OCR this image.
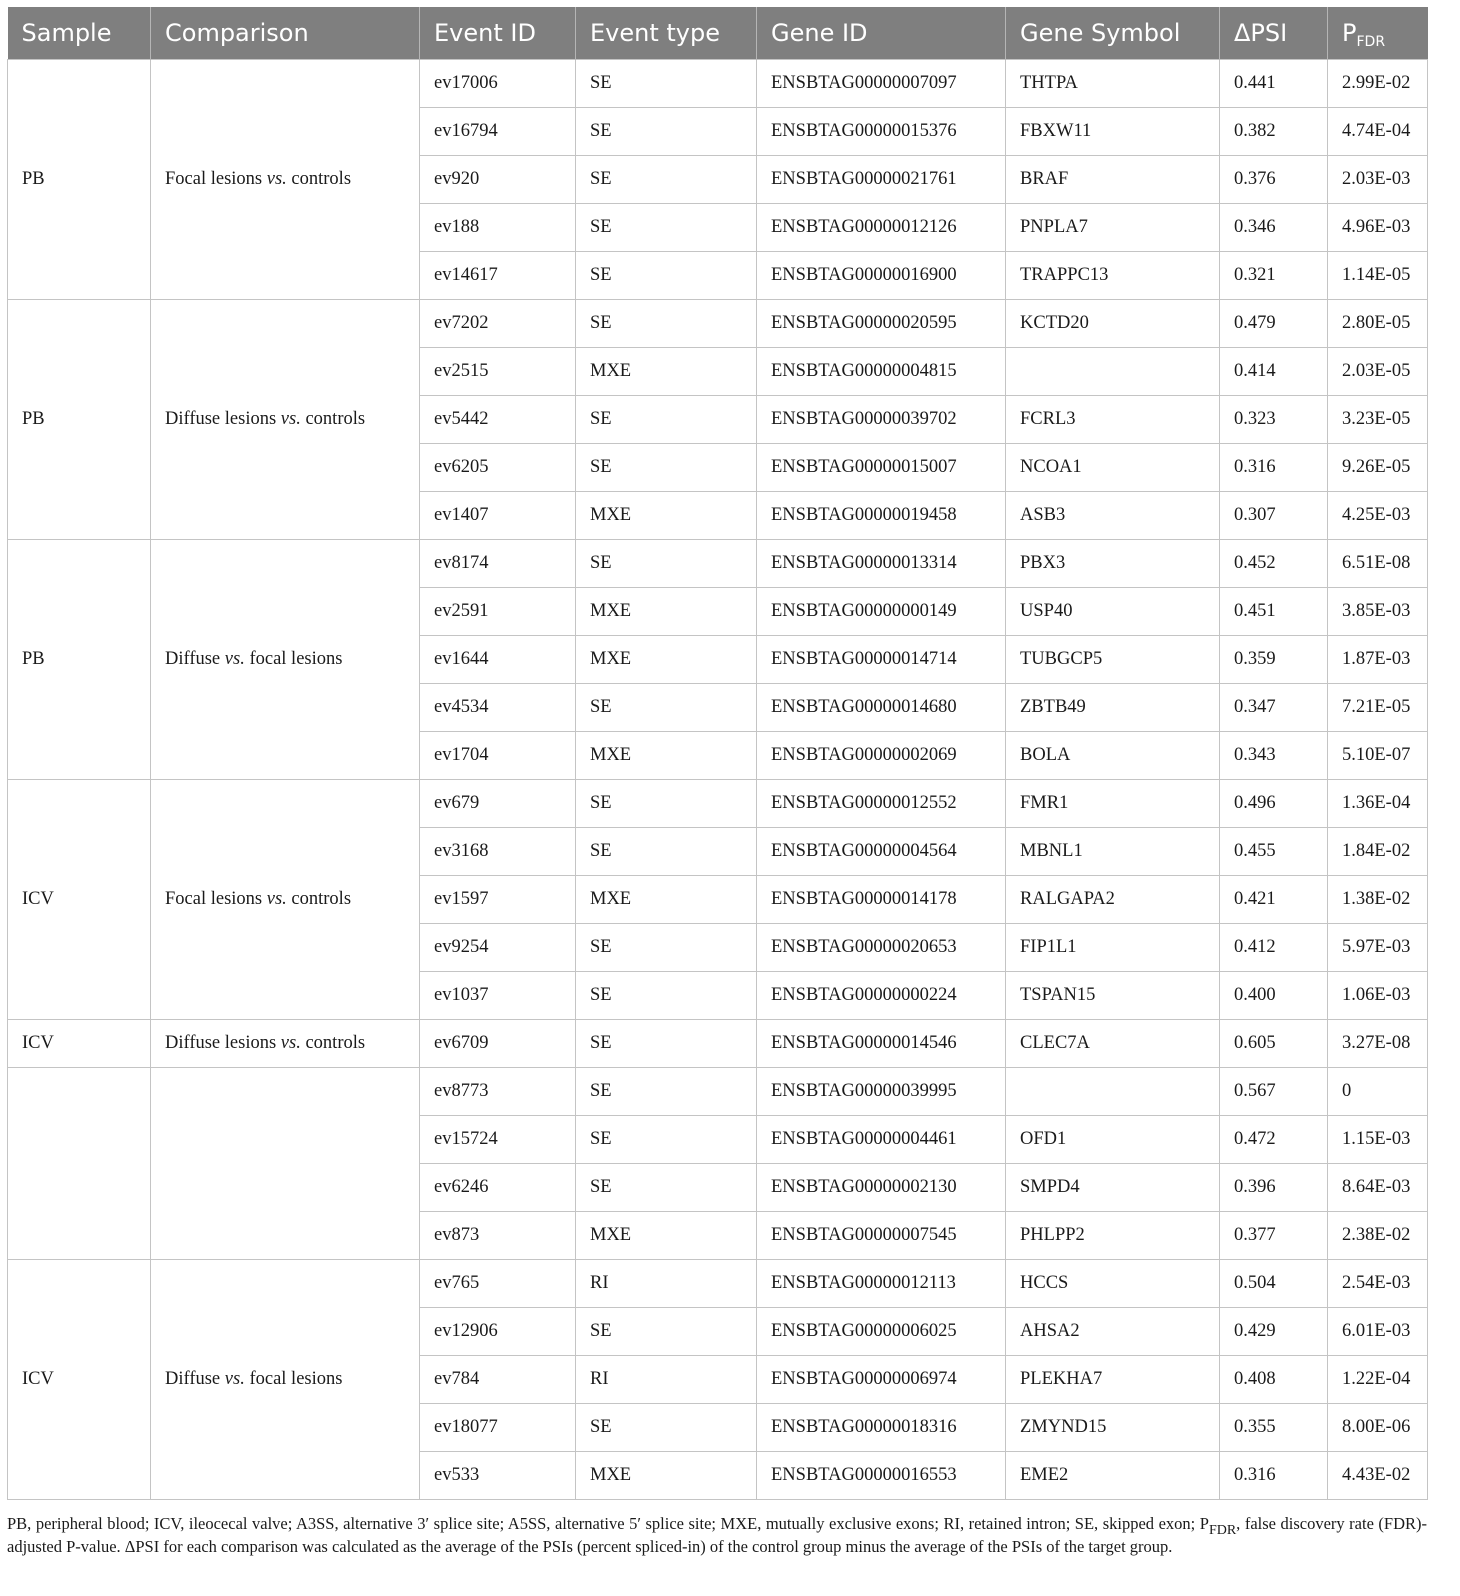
Sample	Comparison	Event ID	Event type	Gene ID	Gene Symbol	ΔPSI	$P_{FDR}$
PB	Focal lesions vs. controls	ev17006	SE	ENSBTAG00000007097	THTPA	0.441	2.99E-02
		ev16794	SE	ENSBTAG00000015376	FBXW11	0.382	4.74E-04
		ev920	SE	ENSBTAG00000021761	BRAF	0.376	2.03E-03
		ev188	SE	ENSBTAG00000012126	PNPLA7	0.346	4.96E-03
		ev14617	SE	ENSBTAG00000016900	TRAPPC13	0.321	1.14E-05
PB	Diffuse lesions vs. controls	ev7202	SE	ENSBTAG00000020595	KCTD20	0.479	2.80E-05
		ev2515	MXE	ENSBTAG00000004815		0.414	2.03E-05
		ev5442	SE	ENSBTAG00000039702	FCRL3	0.323	3.23E-05
		ev6205	SE	ENSBTAG00000015007	NCOA1	0.316	9.26E-05
		ev1407	MXE	ENSBTAG00000019458	ASB3	0.307	4.25E-03
PB	Diffuse vs. focal lesions	ev8174	SE	ENSBTAG00000013314	PBX3	0.452	6.51E-08
		ev2591	MXE	ENSBTAG00000000149	USP40	0.451	3.85E-03
		ev1644	MXE	ENSBTAG00000014714	TUBGCP5	0.359	1.87E-03
		ev4534	SE	ENSBTAG00000014680	ZBTB49	0.347	7.21E-05
		ev1704	MXE	ENSBTAG00000002069	BOLA	0.343	5.10E-07
ICV	Focal lesions vs. controls	ev679	SE	ENSBTAG00000012552	FMR1	0.496	1.36E-04
		ev3168	SE	ENSBTAG00000004564	MBNL1	0.455	1.84E-02
		ev1597	MXE	ENSBTAG00000014178	RALGAPA2	0.421	1.38E-02
		ev9254	SE	ENSBTAG00000020653	FIP1L1	0.412	5.97E-03
		ev1037	SE	ENSBTAG00000000224	TSPAN15	0.400	1.06E-03
ICV	Diffuse lesions vs. controls	ev6709	SE	ENSBTAG00000014546	CLEC7A	0.605	3.27E-08
		ev8773	SE	ENSBTAG00000039995		0.567	0
		ev15724	SE	ENSBTAG00000004461	OFD1	0.472	1.15E-03
		ev6246	SE	ENSBTAG00000002130	SMPD4	0.396	8.64E-03
		ev873	MXE	ENSBTAG00000007545	PHLPP2	0.377	2.38E-02
ICV	Diffuse vs. focal lesions	ev765	RI	ENSBTAG00000012113	HCCS	0.504	2.54E-03
		ev12906	SE	ENSBTAG00000006025	AHSA2	0.429	6.01E-03
		ev784	RI	ENSBTAG00000006974	PLEKHA7	0.408	1.22E-04
		ev18077	SE	ENSBTAG00000018316	ZMYND15	0.355	8.00E-06
		ev533	MXE	ENSBTAG00000016553	EME2	0.316	4.43E-02
PB, peripheral blood; ICV, ileocecal valve; A3SS, alternative 3′ splice site; A5SS, alternative 5′ splice site; MXE, mutually exclusive exons; RI, retained intron; SE, skipped exon; $P_{FDR}$, false discovery rate (FDR)-adjusted P-value. ΔPSI for each comparison was calculated as the average of the PSIs (percent spliced-in) of the control group minus the average of the PSIs of the target group.
